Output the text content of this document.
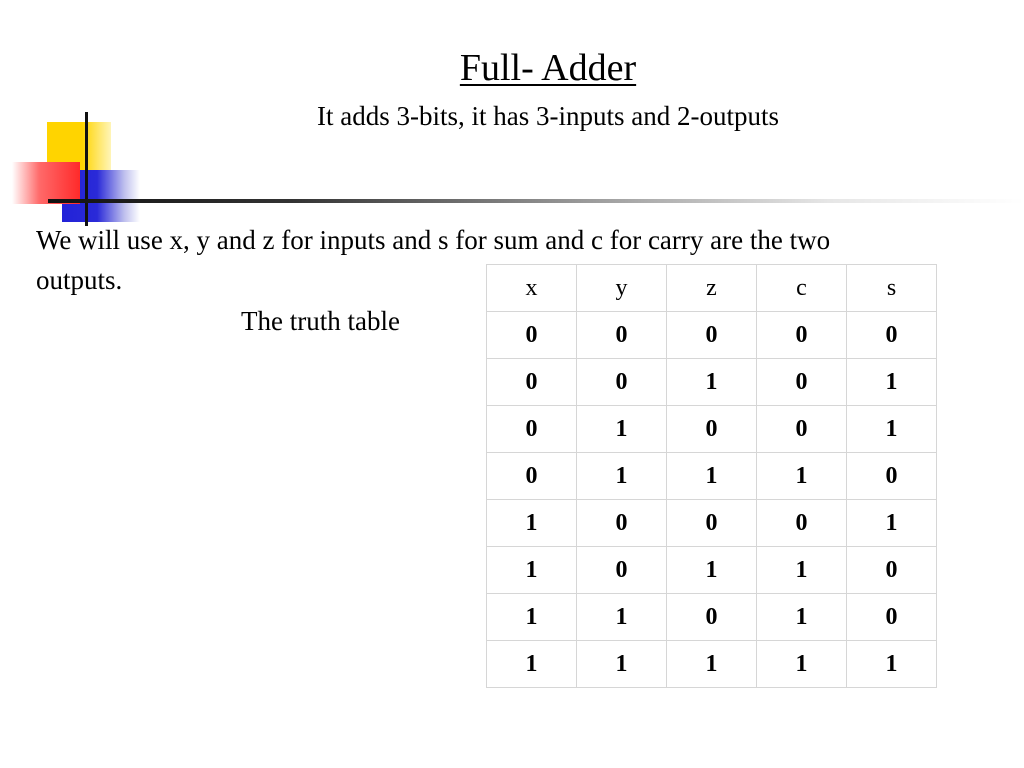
Full- Adder
It adds 3-bits, it has 3-inputs and 2-outputs
We will use x, y and z for inputs and s for sum and c for carry are the two
outputs.
The truth table
x	y	z	c	s
0	0	0	0	0
0	0	1	0	1
0	1	0	0	1
0	1	1	1	0
1	0	0	0	1
1	0	1	1	0
1	1	0	1	0
1	1	1	1	1
